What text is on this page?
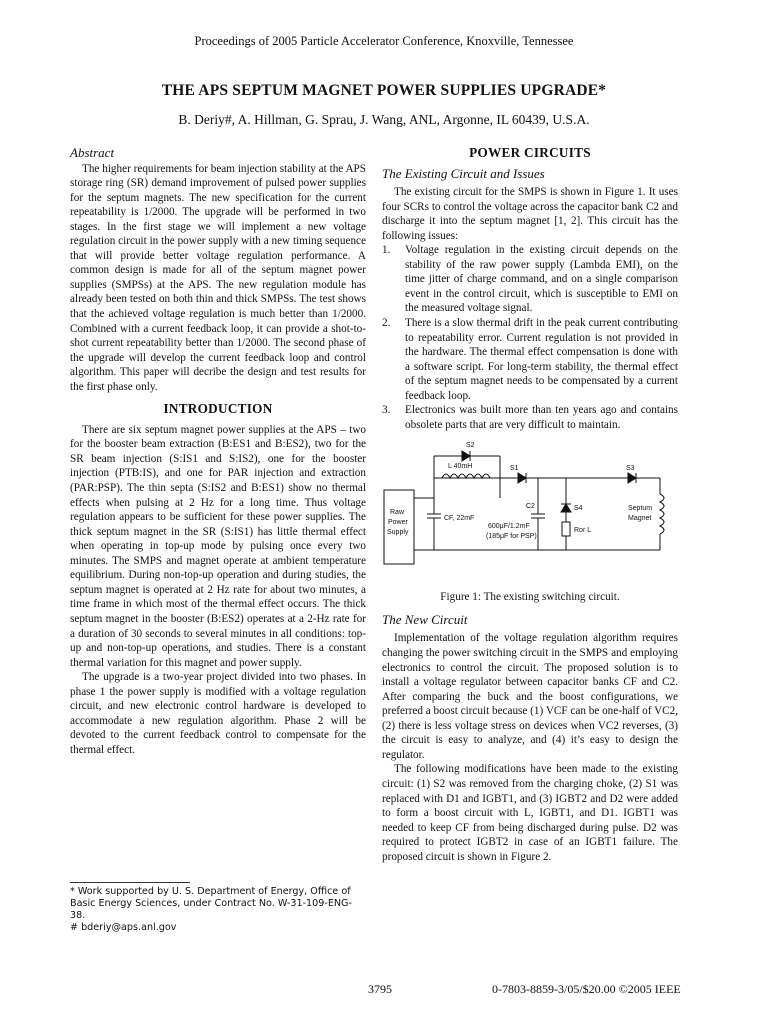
Proceedings of 2005 Particle Accelerator Conference, Knoxville, Tennessee
THE APS SEPTUM MAGNET POWER SUPPLIES UPGRADE*
B. Deriy#, A. Hillman, G. Sprau, J. Wang, ANL, Argonne, IL 60439, U.S.A.
Abstract

The higher requirements for beam injection stability at the APS storage ring (SR) demand improvement of pulsed power supplies for the septum magnets. The new specification for the current repeatability is 1/2000. The upgrade will be performed in two stages. In the first stage we will implement a new voltage regulation circuit in the power supply with a new timing sequence that will provide better voltage regulation performance. A common design is made for all of the septum magnet power supplies (SMPSs) at the APS. The new regulation module has already been tested on both thin and thick SMPSs. The test shows that the achieved voltage regulation is much better than 1/2000. Combined with a current feedback loop, it can provide a shot-to-shot current repeatability better than 1/2000. The second phase of the upgrade will develop the current feedback loop and control algorithm. This paper will decribe the design and test results for the first phase only.

INTRODUCTION

There are six septum magnet power supplies at the APS – two for the booster beam extraction (B:ES1 and B:ES2), two for the SR beam injection (S:IS1 and S:IS2), one for the booster injection (PTB:IS), and one for PAR injection and extraction (PAR:PSP). The thin septa (S:IS2 and B:ES1) show no thermal effects when pulsing at 2 Hz for a long time. Thus voltage regulation appears to be sufficient for these power supplies. The thick septum magnet in the SR (S:IS1) has little thermal effect when operating in top-up mode by pulsing once every two minutes. The SMPS and magnet operate at ambient temperature equilibrium. During non-top-up operation and during studies, the septum magnet is operated at 2 Hz rate for about two minutes, a time frame in which most of the thermal effect occurs. The thick septum magnet in the booster (B:ES2) operates at a 2-Hz rate for a duration of 30 seconds to several minutes in all conditions: top-up and non-top-up operations, and studies. There is a constant thermal variation for this magnet and power supply.

The upgrade is a two-year project divided into two phases. In phase 1 the power supply is modified with a voltage regulation circuit, and new electronic control hardware is developed to accommodate a new regulation algorithm. Phase 2 will be devoted to the current feedback control to compensate for the thermal effect.

* Work supported by U. S. Department of Energy, Office of Basic Energy Sciences, under Contract No. W-31-109-ENG-38.
# bderiy@aps.anl.gov
POWER CIRCUITS
The Existing Circuit and Issues

The existing circuit for the SMPS is shown in Figure 1. It uses four SCRs to control the voltage across the capacitor bank C2 and discharge it into the septum magnet [1, 2]. This circuit has the following issues:

1. Voltage regulation in the existing circuit depends on the stability of the raw power supply (Lambda EMI), on the time jitter of charge command, and on a single comparison event in the control circuit, which is susceptible to EMI on the measured voltage signal.
2. There is a slow thermal drift in the peak current contributing to repeatability error. Current regulation is not provided in the hardware. The thermal effect compensation is done with a software script. For long-term stability, the thermal effect of the septum magnet needs to be compensated by a current feedback loop.
3. Electronics was built more than ten years ago and contains obsolete parts that are very difficult to maintain.
S2
L 40mH	S1	S3
S4
Raw
Power
Supply
CF, 22mF
C2
600μF/1.2mF
(185μF for PSP)
Ror L
Septum
Magnet
Figure 1: The existing switching circuit.
The New Circuit

Implementation of the voltage regulation algorithm requires changing the power switching circuit in the SMPS and employing electronics to control the circuit. The proposed solution is to install a voltage regulator between capacitor banks CF and C2. After comparing the buck and the boost configurations, we preferred a boost circuit because (1) VCF can be one-half of VC2, (2) there is less voltage stress on devices when VC2 reverses, (3) the circuit is easy to analyze, and (4) it’s easy to design the regulator.

The following modifications have been made to the existing circuit: (1) S2 was removed from the charging choke, (2) S1 was replaced with D1 and IGBT1, and (3) IGBT2 and D2 were added to form a boost circuit with L, IGBT1, and D1. IGBT1 was needed to keep CF from being discharged during pulse. D2 was required to protect IGBT2 in case of an IGBT1 failure. The proposed circuit is shown in Figure 2.

3795	0-7803-8859-3/05/$20.00 ©2005 IEEE
